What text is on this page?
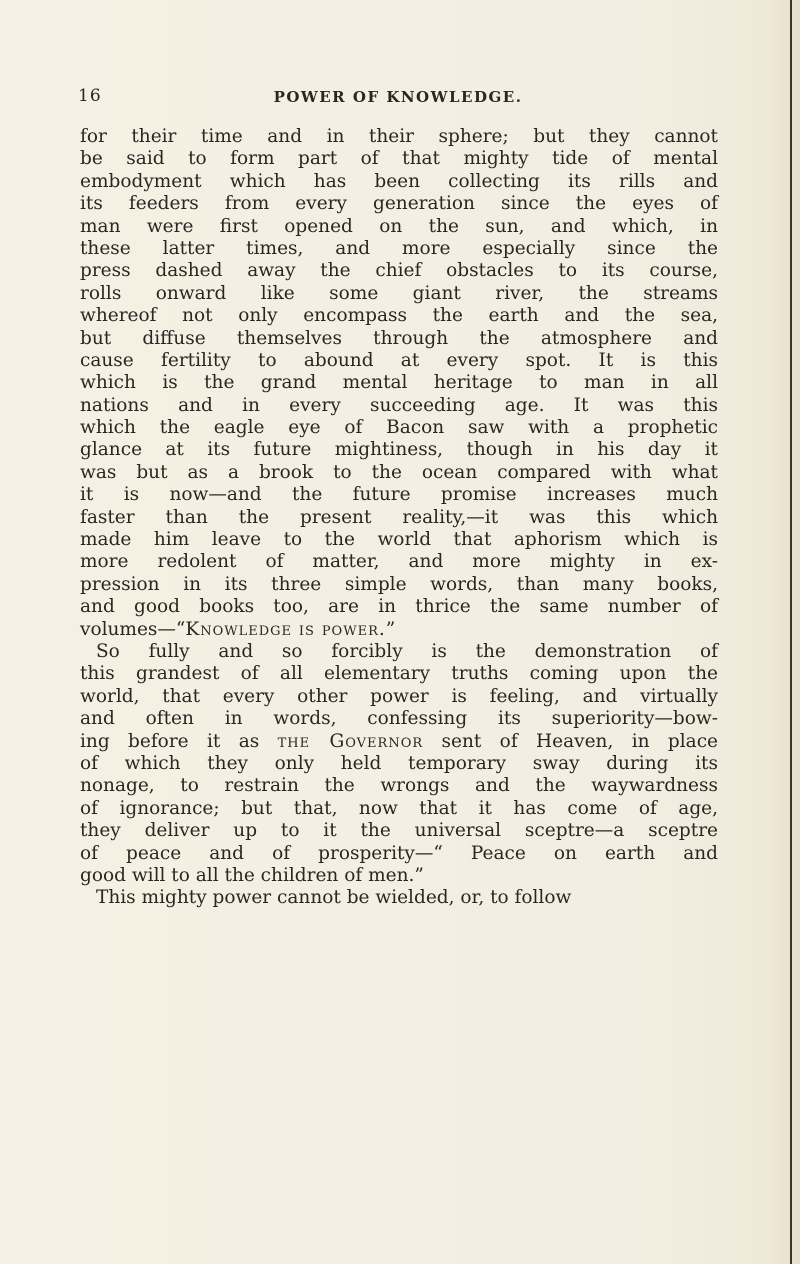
16	POWER OF KNOWLEDGE.
for their time and in their sphere; but they cannot
be said to form part of that mighty tide of mental
embodyment which has been collecting its rills and
its feeders from every generation since the eyes of
man were first opened on the sun, and which, in
these latter times, and more especially since the
press dashed away the chief obstacles to its course,
rolls onward like some giant river, the streams
whereof not only encompass the earth and the sea,
but diffuse themselves through the atmosphere and
cause fertility to abound at every spot. It is this
which is the grand mental heritage to man in all
nations and in every succeeding age. It was this
which the eagle eye of Bacon saw with a prophetic
glance at its future mightiness, though in his day it
was but as a brook to the ocean compared with what
it is now—and the future promise increases much
faster than the present reality,—it was this which
made him leave to the world that aphorism which is
more redolent of matter, and more mighty in ex-
pression in its three simple words, than many books,
and good books too, are in thrice the same number of
volumes—“Knowledge is power.”
So fully and so forcibly is the demonstration of
this grandest of all elementary truths coming upon the
world, that every other power is feeling, and virtually
and often in words, confessing its superiority—bow-
ing before it as the Governor sent of Heaven, in place
of which they only held temporary sway during its
nonage, to restrain the wrongs and the waywardness
of ignorance; but that, now that it has come of age,
they deliver up to it the universal sceptre—a sceptre
of peace and of prosperity—“ Peace on earth and
good will to all the children of men.”
This mighty power cannot be wielded, or, to follow
